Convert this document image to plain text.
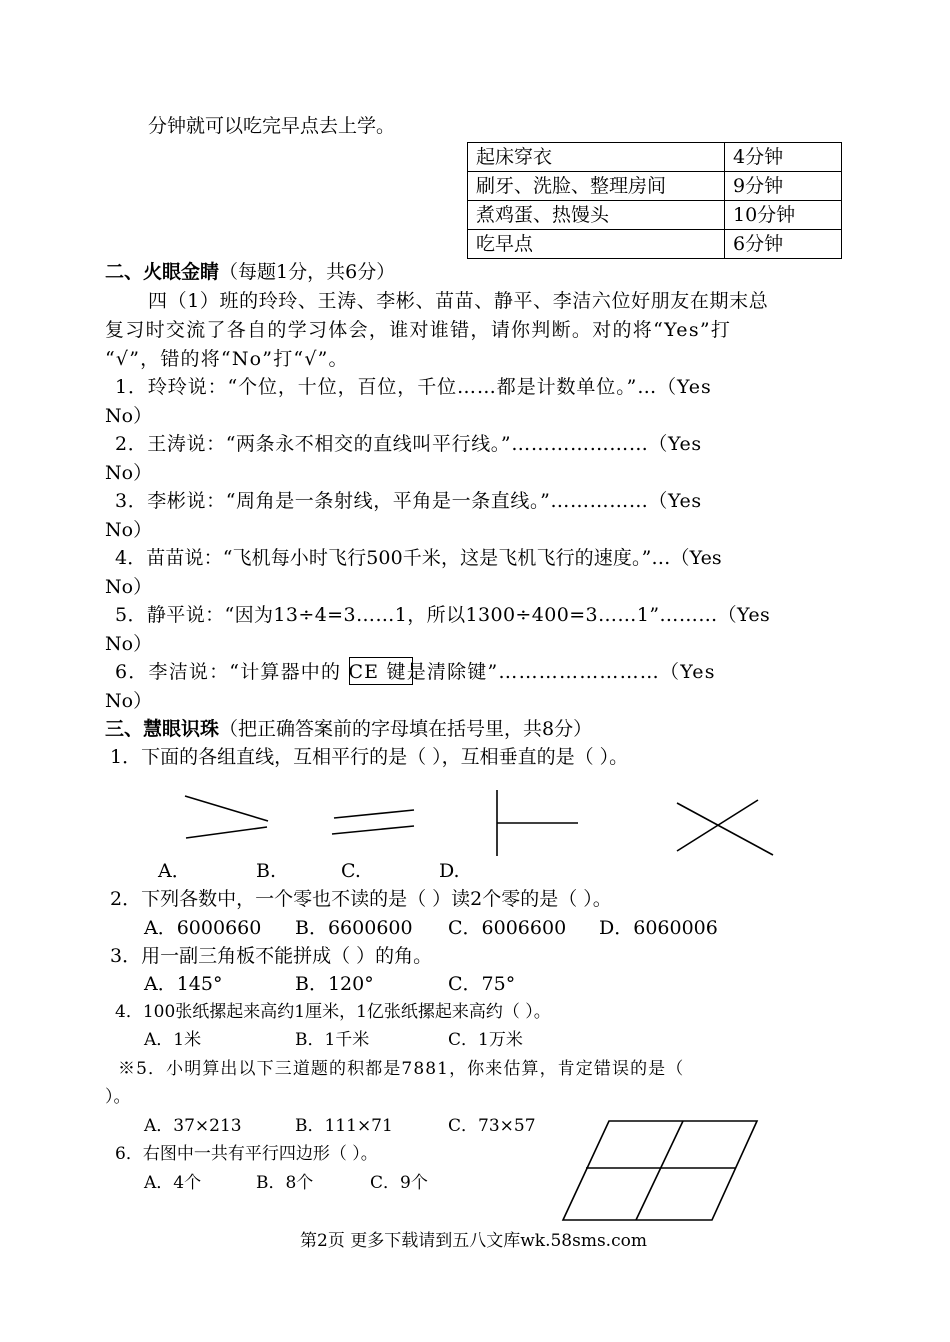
分钟就可以吃完早点去上学。
起床穿衣	4分钟
刷牙、洗脸、整理房间	9分钟
煮鸡蛋、热馒头	10分钟
吃早点	6分钟
二、火眼金睛（每题1分，共6分）
四（1）班的玲玲、王涛、李彬、苗苗、静平、李洁六位好朋友在期末总
复习时交流了各自的学习体会，谁对谁错，请你判断。对的将“Yes”打
“√”，错的将“No”打“√”。
1．玲玲说：“个位，十位，百位，千位……都是计数单位。”…（Yes
No）
2．王涛说：“两条永不相交的直线叫平行线。”…………………（Yes
No）
3．李彬说：“周角是一条射线，平角是一条直线。”……………（Yes
No）
4．苗苗说：“飞机每小时飞行500千米，这是飞机飞行的速度。”…（Yes
No）
5．静平说：“因为13÷4=3……1，所以1300÷400=3……1”………（Yes
No）
6．李洁说：“计算器中的 CE 键是清除键”……………………（Yes
No）
三、慧眼识珠（把正确答案前的字母填在括号里，共8分）
1．下面的各组直线，互相平行的是（ ），互相垂直的是（ ）。
A．	B.	C.	D.
2．下列各数中，一个零也不读的是（ ）读2个零的是（ ）。
A．6000660 B．6600600 C．6006600 D．6060006
3．用一副三角板不能拼成（ ）的角。
A．145°	B．120°	C．75°
4．100张纸摞起来高约1厘米，1亿张纸摞起来高约（ ）。
A．1米	B．1千米	C．1万米
※5．小明算出以下三道题的积都是7881，你来估算，肯定错误的是（
）。
A．37×213	B．111×71	C．73×57
6．右图中一共有平行四边形（ ）。
A．4个	B．8个	C．9个
第2页 更多下载请到五八文库wk.58sms.com
